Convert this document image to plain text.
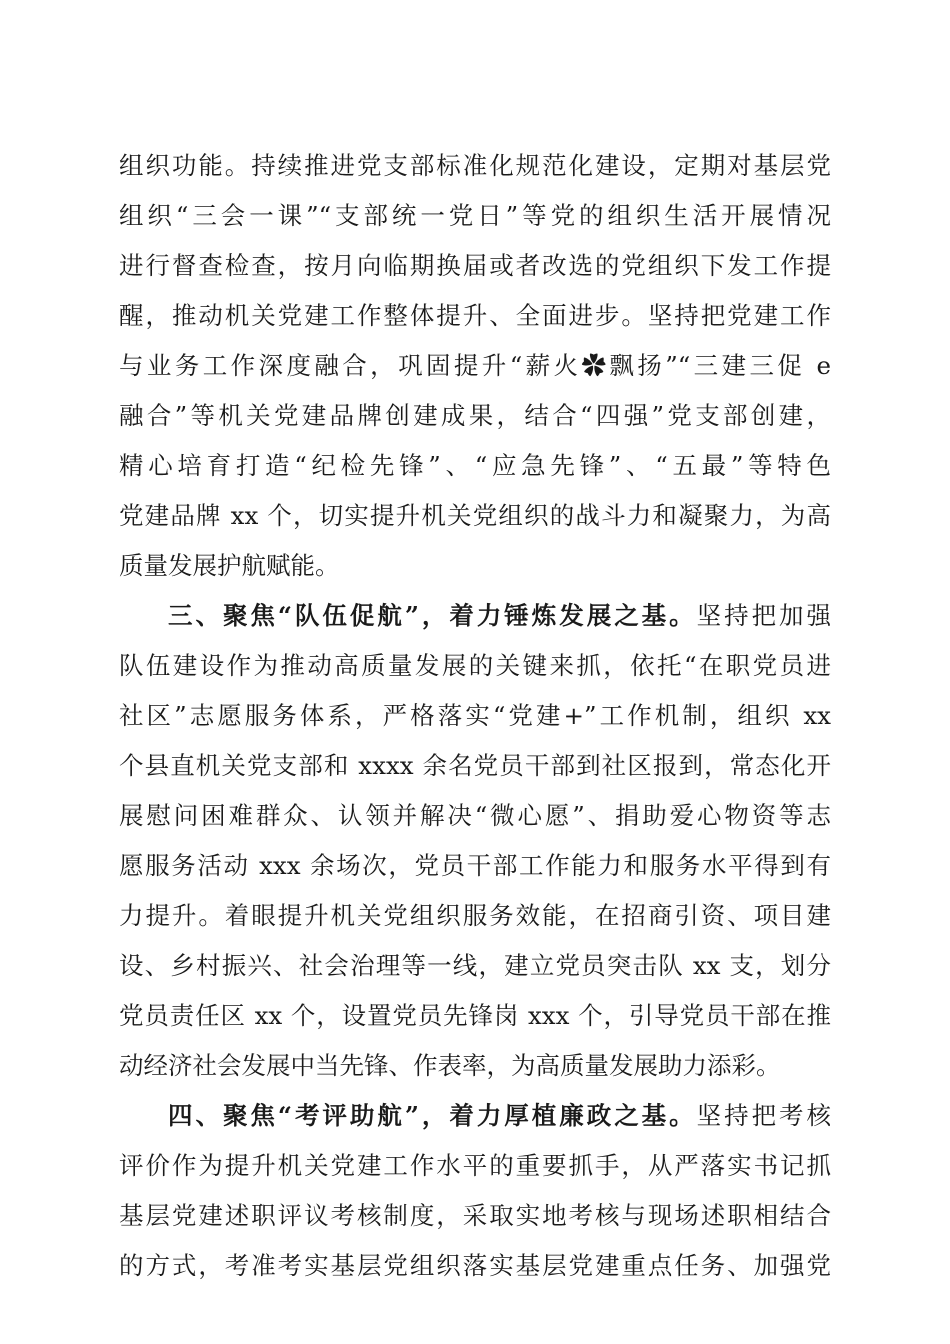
组织功能。持续推进党支部标准化规范化建设，定期对基层党
组织“三会一课”“支部统一党日”等党的组织生活开展情况
进行督查检查，按月向临期换届或者改选的党组织下发工作提
醒，推动机关党建工作整体提升、全面进步。坚持把党建工作
与业务工作深度融合，巩固提升“薪火✿飘扬”“三建三促 e
融合”等机关党建品牌创建成果，结合“四强”党支部创建，
精心培育打造“纪检先锋”、“应急先锋”、“五最”等特色
党建品牌 xx 个，切实提升机关党组织的战斗力和凝聚力，为高
质量发展护航赋能。
三、聚焦“队伍促航”，着力锤炼发展之基。坚持把加强
队伍建设作为推动高质量发展的关键来抓，依托“在职党员进
社区”志愿服务体系，严格落实“党建+”工作机制，组织 xx
个县直机关党支部和 xxxx 余名党员干部到社区报到，常态化开
展慰问困难群众、认领并解决“微心愿”、捐助爱心物资等志
愿服务活动 xxx 余场次，党员干部工作能力和服务水平得到有
力提升。着眼提升机关党组织服务效能，在招商引资、项目建
设、乡村振兴、社会治理等一线，建立党员突击队 xx 支，划分
党员责任区 xx 个，设置党员先锋岗 xxx 个，引导党员干部在推
动经济社会发展中当先锋、作表率，为高质量发展助力添彩。
四、聚焦“考评助航”，着力厚植廉政之基。坚持把考核
评价作为提升机关党建工作水平的重要抓手，从严落实书记抓
基层党建述职评议考核制度，采取实地考核与现场述职相结合
的方式，考准考实基层党组织落实基层党建重点任务、加强党
